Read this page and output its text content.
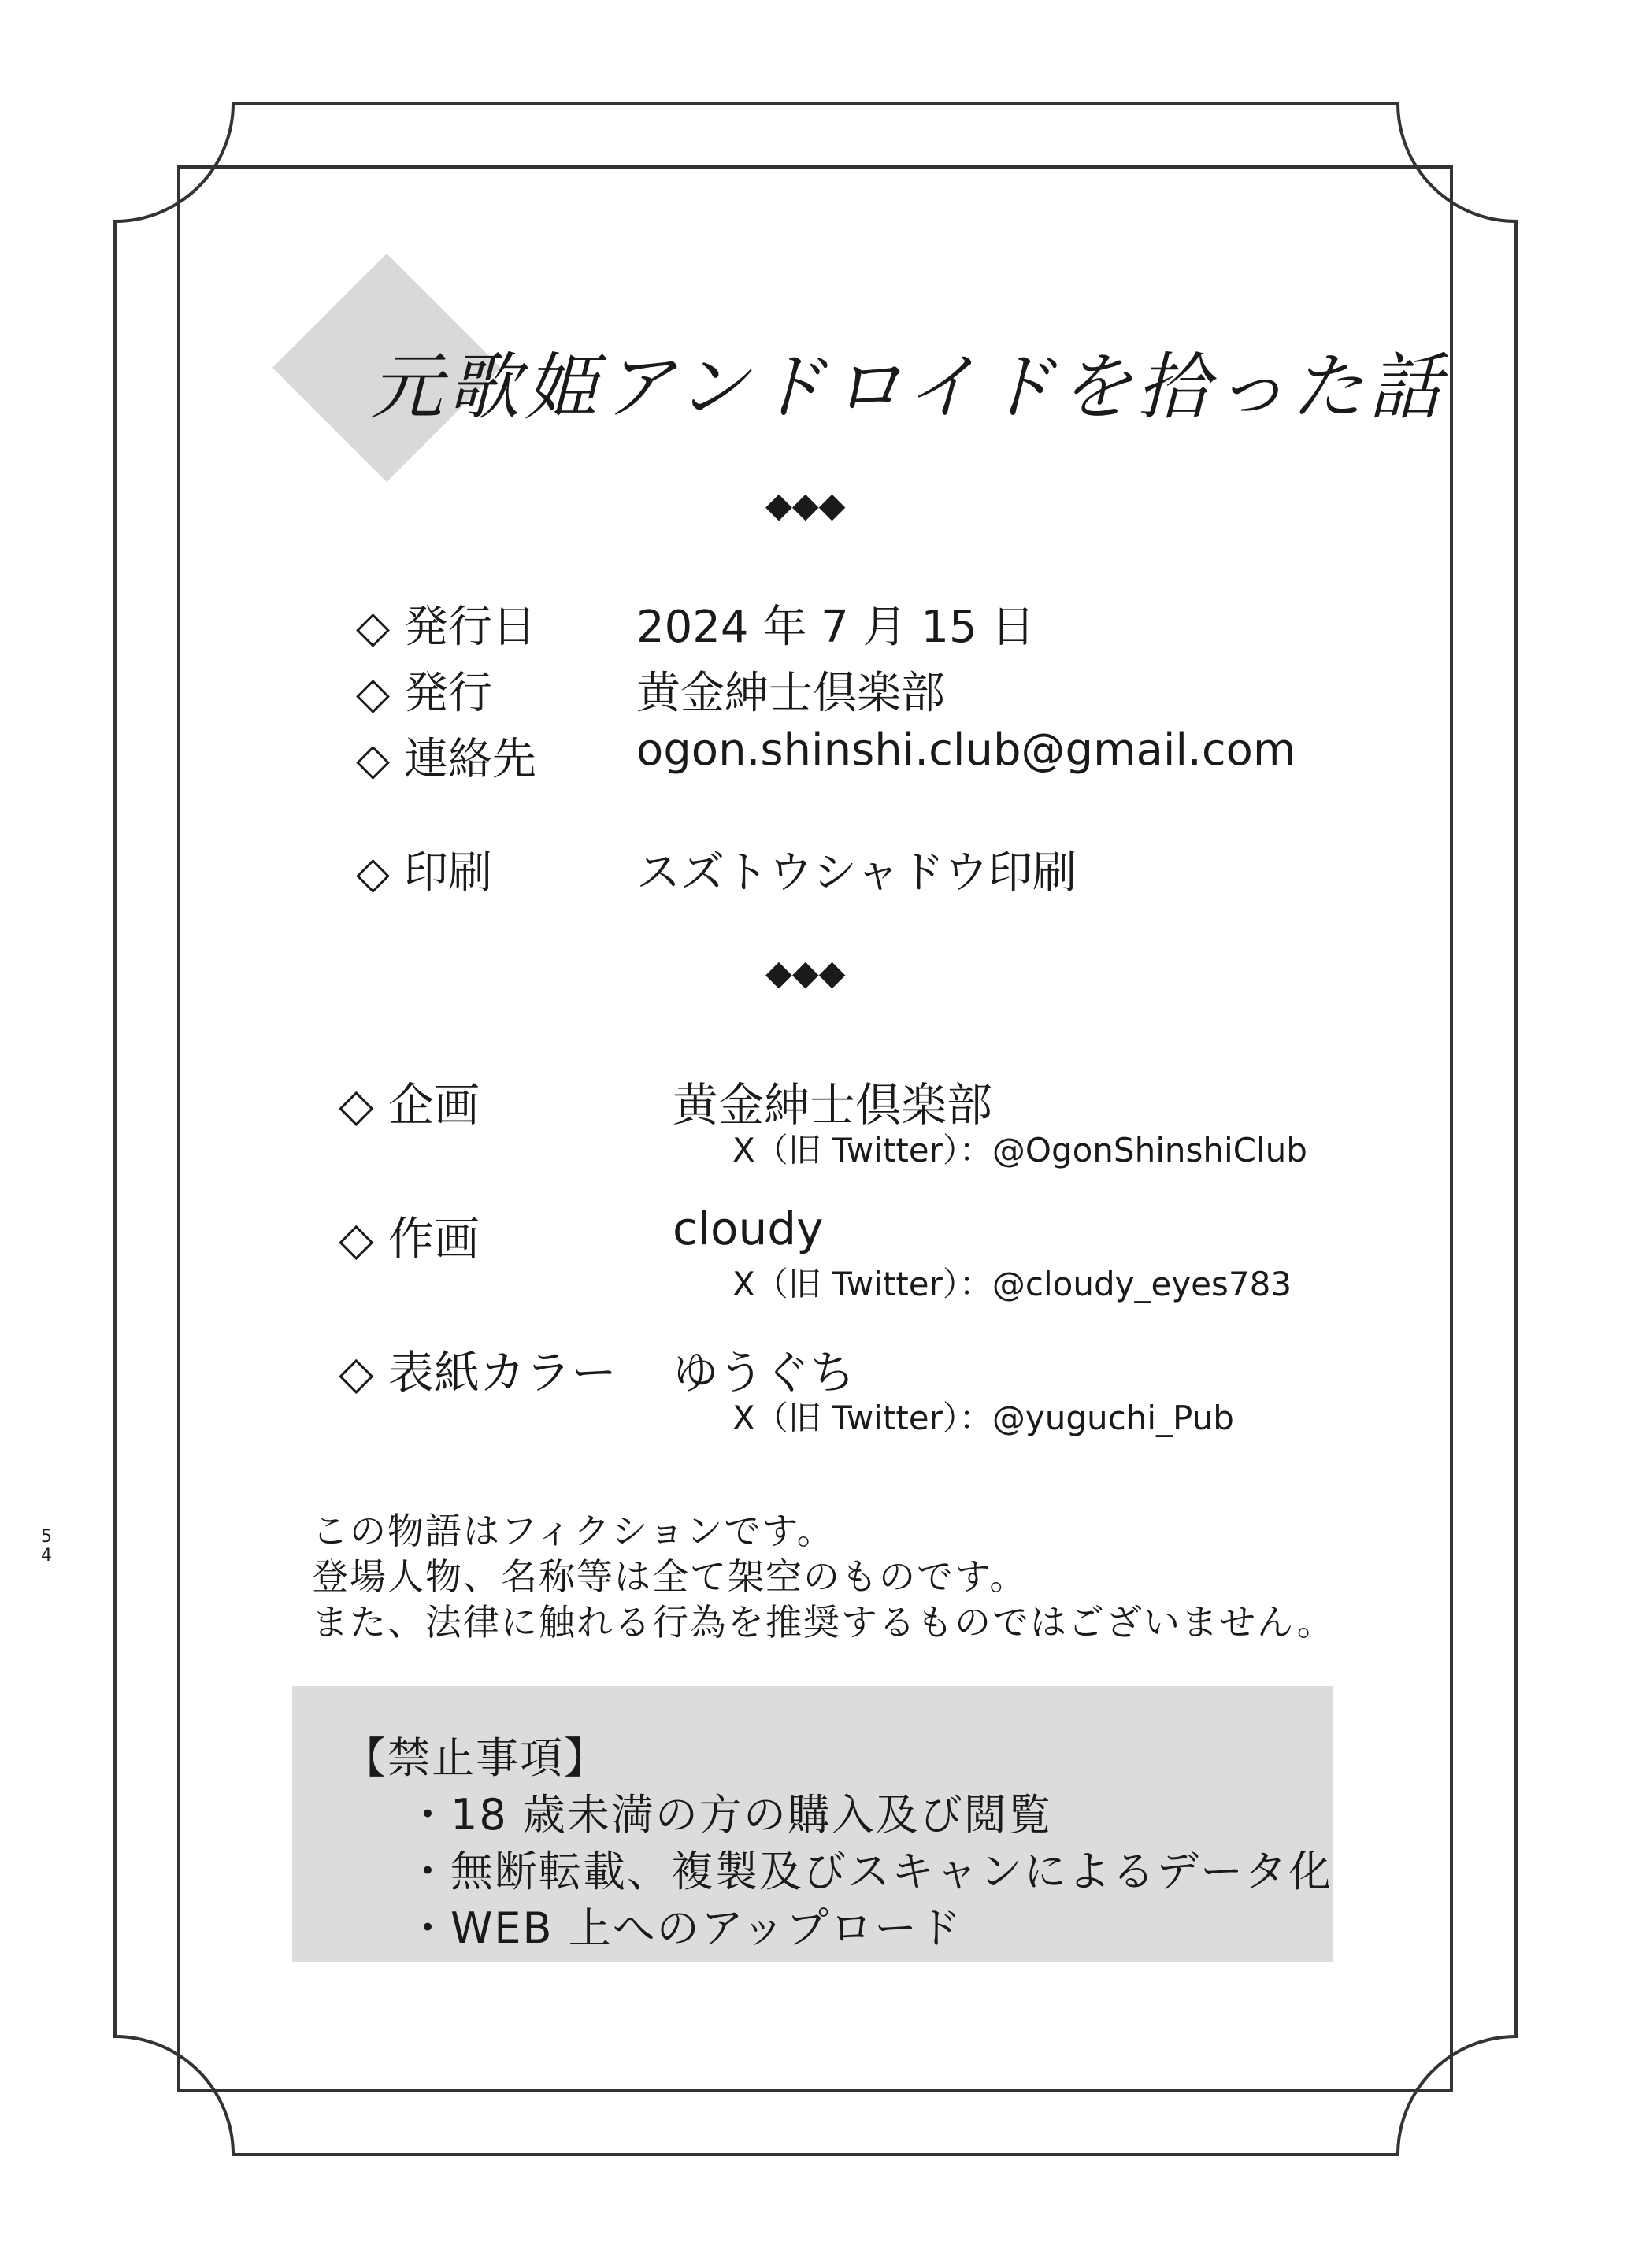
元歌姫アンドロイドを拾った話
◆◆◆
◇ 発行日 2024 年 7 月 15 日
◇ 発行	黄金紳士倶楽部
◇ 連絡先 ogon.shinshi.club@gmail.com
◇ 印刷	スズトウシャドウ印刷
◆◆◆
◇ 企画	黄金紳士倶楽部
X（旧 Twitter）：@OgonShinshiClub
◇ 作画	cloudy
X（旧 Twitter）：@cloudy_eyes783
◇ 表紙カラー ゆうぐち
X（旧 Twitter）：@yuguchi_Pub
この物語はフィクションです。
登場人物、名称等は全て架空のものです。
また、法律に触れる行為を推奨するものではございません。
【禁止事項】
・18 歳未満の方の購入及び閲覧
・無断転載、複製及びスキャンによるデータ化
・WEB 上へのアップロード
5
4
